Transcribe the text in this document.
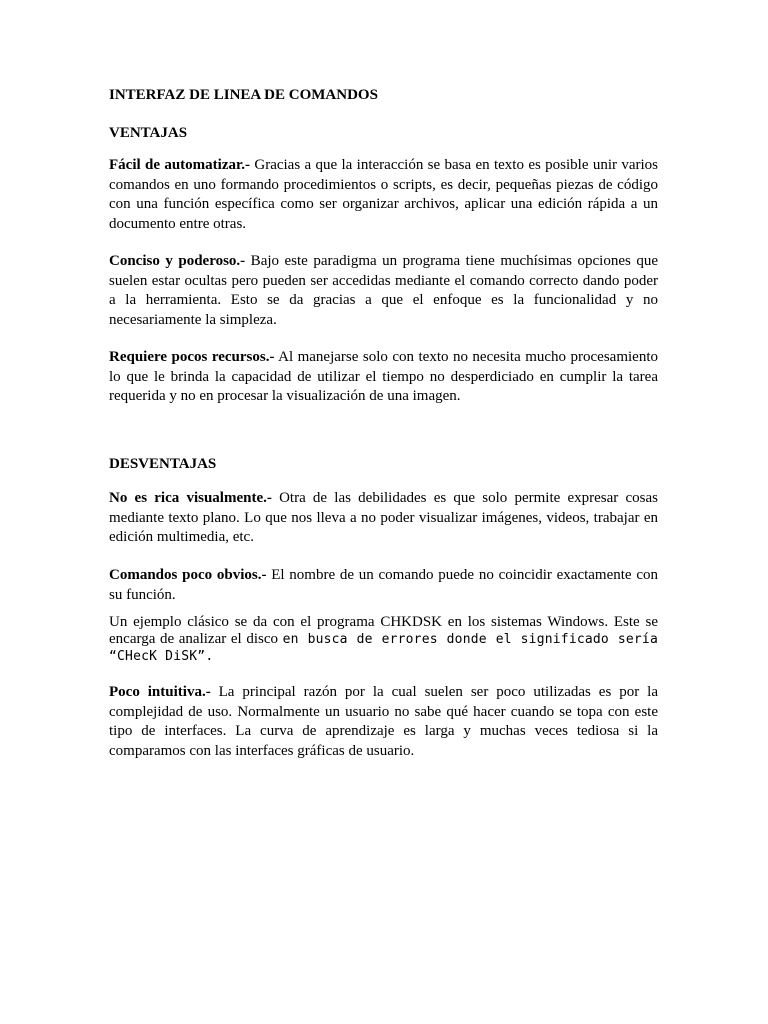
INTERFAZ DE LINEA DE COMANDOS
VENTAJAS

Fácil de automatizar.- Gracias a que la interacción se basa en texto es posible unir varios comandos en uno formando procedimientos o scripts, es decir, pequeñas piezas de código con una función específica como ser organizar archivos, aplicar una edición rápida a un documento entre otras.

Conciso y poderoso.- Bajo este paradigma un programa tiene muchísimas opciones que suelen estar ocultas pero pueden ser accedidas mediante el comando correcto dando poder a la herramienta. Esto se da gracias a que el enfoque es la funcionalidad y no necesariamente la simpleza.

Requiere pocos recursos.- Al manejarse solo con texto no necesita mucho procesamiento lo que le brinda la capacidad de utilizar el tiempo no desperdiciado en cumplir la tarea requerida y no en procesar la visualización de una imagen.

DESVENTAJAS

No es rica visualmente.- Otra de las debilidades es que solo permite expresar cosas mediante texto plano. Lo que nos lleva a no poder visualizar imágenes, videos, trabajar en edición multimedia, etc.

Comandos poco obvios.- El nombre de un comando puede no coincidir exactamente con su función.

Un ejemplo clásico se da con el programa CHKDSK en los sistemas Windows. Este se encarga de analizar el disco en busca de errores donde el significado sería “CHecK DiSK”.

Poco intuitiva.- La principal razón por la cual suelen ser poco utilizadas es por la complejidad de uso. Normalmente un usuario no sabe qué hacer cuando se topa con este tipo de interfaces. La curva de aprendizaje es larga y muchas veces tediosa si la comparamos con las interfaces gráficas de usuario.
